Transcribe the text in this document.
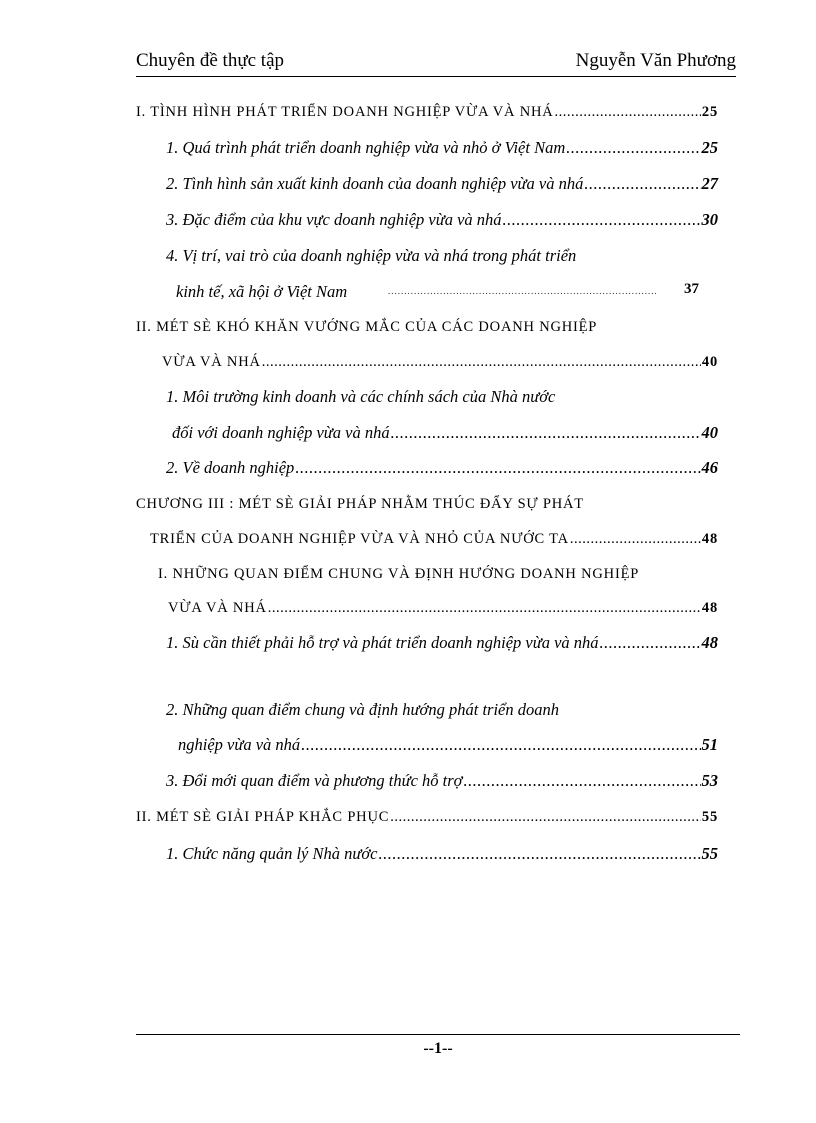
Chuyên đề thực tập	Nguyễn Văn Phương
I. TÌNH HÌNH PHÁT TRIỂN DOANH NGHIỆP VỪA VÀ NHÁ .....	25
1. Quá trình phát triển doanh nghiệp vừa và nhỏ ở Việt Nam .....	25
2. Tình hình sản xuất kinh doanh của doanh nghiệp vừa và nhá .....	27
3. Đặc điểm của khu vực doanh nghiệp vừa và nhá .....	30
4. Vị trí, vai trò của doanh nghiệp vừa và nhá trong phát triển
kinh tế, xã hội ở Việt Nam .....	37
II. MÉT SÈ KHÓ KHĂN VƯỚNG MẮC CỦA CÁC DOANH NGHIỆP
VỪA VÀ NHÁ .....	40
1. Môi trường kinh doanh và các chính sách của Nhà nước
đối với doanh nghiệp vừa và nhá .....	40
2. Về doanh nghiệp .....	46
CHƯƠNG III : MÉT SÈ GIẢI PHÁP NHẰM THÚC ĐẨY SỰ PHÁT
TRIỂN CỦA DOANH NGHIỆP VỪA VÀ NHỎ CỦA NƯỚC TA .....	48
I. NHỮNG QUAN ĐIỂM CHUNG VÀ ĐỊNH HƯỚNG DOANH NGHIỆP
VỪA VÀ NHÁ .....	48
1. Sù cần thiết phải hỗ trợ và phát triển doanh nghiệp vừa và nhá .....	48
2. Những quan điểm chung và định hướng phát triển doanh
nghiệp vừa và nhá .....	51
3. Đổi mới quan điểm và phương thức hỗ trợ .....	53
II. MÉT SÈ GIẢI PHÁP KHẮC PHỤC .....	55
1. Chức năng quản lý Nhà nước .....	55
--1--
